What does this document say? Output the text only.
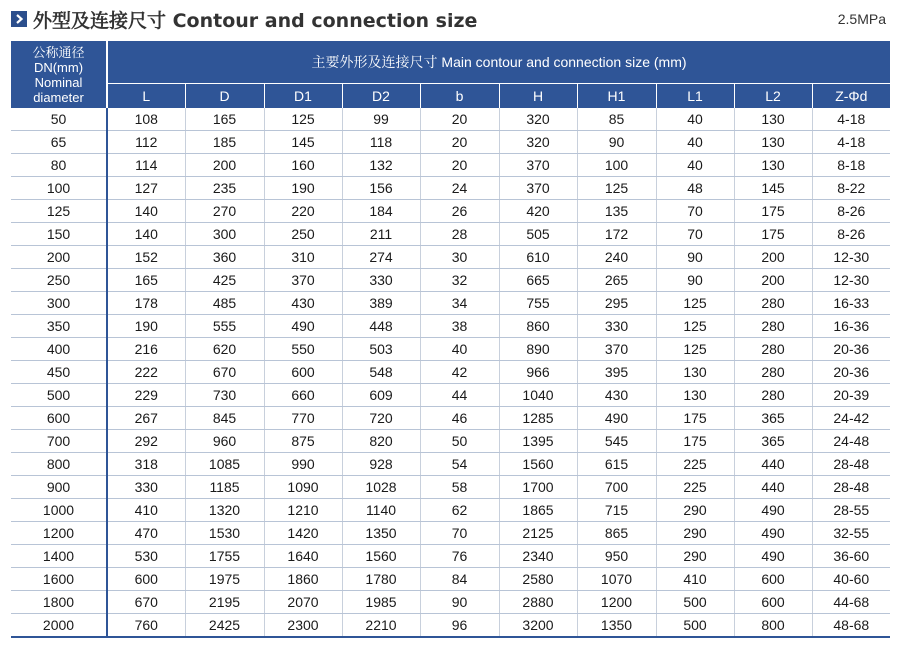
外型及连接尺寸 Contour and connection size	2.5MPa
公称通径
DN(mm)
Nominal
diameter	主要外形及连接尺寸 Main contour and connection size (mm)									
	L	D	D1	D2	b	H	H1	L1	L2	Z-Φd
50	108	165	125	99	20	320	85	40	130	4-18
65	112	185	145	118	20	320	90	40	130	4-18
80	114	200	160	132	20	370	100	40	130	8-18
100	127	235	190	156	24	370	125	48	145	8-22
125	140	270	220	184	26	420	135	70	175	8-26
150	140	300	250	211	28	505	172	70	175	8-26
200	152	360	310	274	30	610	240	90	200	12-30
250	165	425	370	330	32	665	265	90	200	12-30
300	178	485	430	389	34	755	295	125	280	16-33
350	190	555	490	448	38	860	330	125	280	16-36
400	216	620	550	503	40	890	370	125	280	20-36
450	222	670	600	548	42	966	395	130	280	20-36
500	229	730	660	609	44	1040	430	130	280	20-39
600	267	845	770	720	46	1285	490	175	365	24-42
700	292	960	875	820	50	1395	545	175	365	24-48
800	318	1085	990	928	54	1560	615	225	440	28-48
900	330	1185	1090	1028	58	1700	700	225	440	28-48
1000	410	1320	1210	1140	62	1865	715	290	490	28-55
1200	470	1530	1420	1350	70	2125	865	290	490	32-55
1400	530	1755	1640	1560	76	2340	950	290	490	36-60
1600	600	1975	1860	1780	84	2580	1070	410	600	40-60
1800	670	2195	2070	1985	90	2880	1200	500	600	44-68
2000	760	2425	2300	2210	96	3200	1350	500	800	48-68
